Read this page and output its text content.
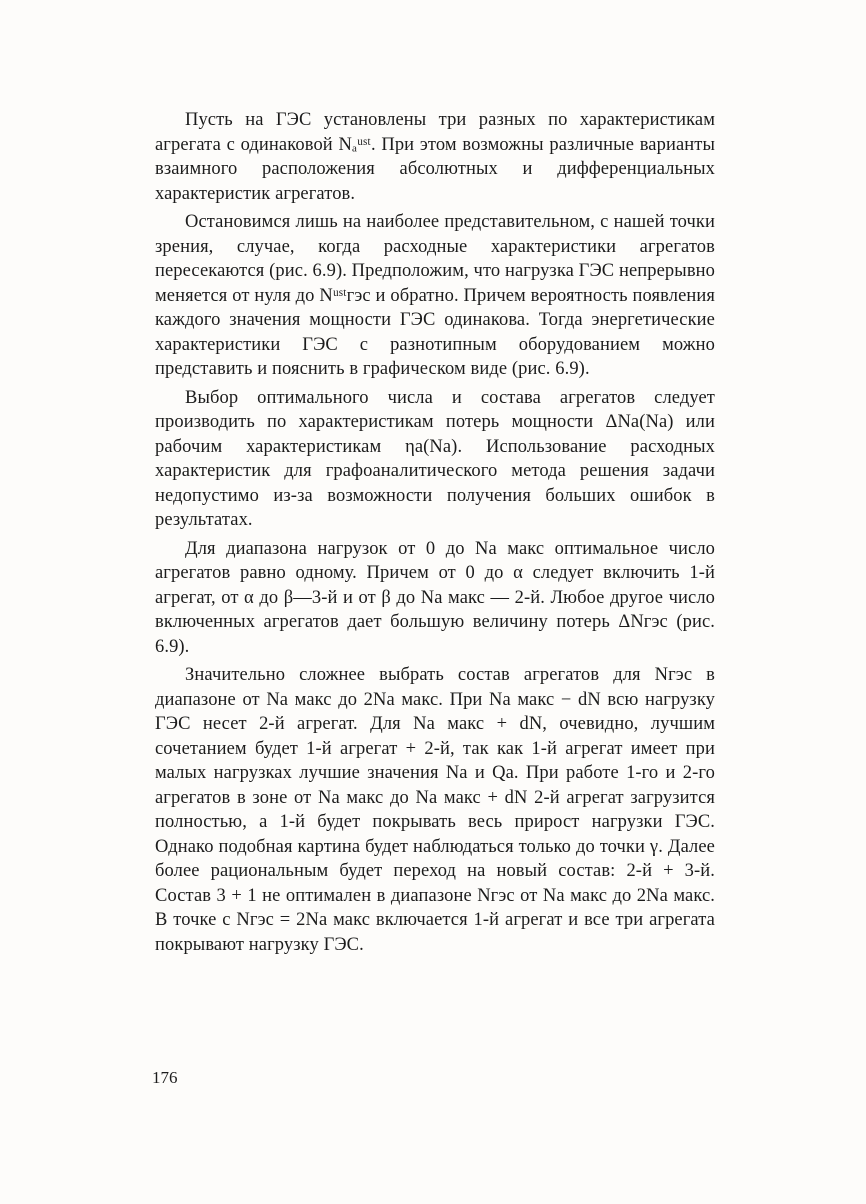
Пусть на ГЭС установлены три разных по характеристикам агрегата с одинаковой Nₐᵘˢᵗ. При этом возможны различные варианты взаимного расположения абсолютных и дифференциальных характеристик агрегатов.

Остановимся лишь на наиболее представительном, с нашей точки зрения, случае, когда расходные характеристики агрегатов пересекаются (рис. 6.9). Предположим, что нагрузка ГЭС непрерывно меняется от нуля до Nᵘˢᵗгэс и обратно. Причем вероятность появления каждого значения мощности ГЭС одинакова. Тогда энергетические характеристики ГЭС с разнотипным оборудованием можно представить и пояснить в графическом виде (рис. 6.9).

Выбор оптимального числа и состава агрегатов следует производить по характеристикам потерь мощности ΔNa(Na) или рабочим характеристикам ηa(Na). Использование расходных характеристик для графоаналитического метода решения задачи недопустимо из-за возможности получения больших ошибок в результатах.

Для диапазона нагрузок от 0 до Na макс оптимальное число агрегатов равно одному. Причем от 0 до α следует включить 1-й агрегат, от α до β—3-й и от β до Na макс — 2-й. Любое другое число включенных агрегатов дает большую величину потерь ΔNгэс (рис. 6.9).

Значительно сложнее выбрать состав агрегатов для Nгэс в диапазоне от Na макс до 2Na макс. При Na макс − dN всю нагрузку ГЭС несет 2-й агрегат. Для Na макс + dN, очевидно, лучшим сочетанием будет 1-й агрегат + 2-й, так как 1-й агрегат имеет при малых нагрузках лучшие значения Na и Qa. При работе 1-го и 2-го агрегатов в зоне от Na макс до Na макс + dN 2-й агрегат загрузится полностью, а 1-й будет покрывать весь прирост нагрузки ГЭС. Однако подобная картина будет наблюдаться только до точки γ. Далее более рациональным будет переход на новый состав: 2-й + 3-й. Состав 3 + 1 не оптимален в диапазоне Nгэс от Na макс до 2Na макс. В точке с Nгэс = 2Na макс включается 1-й агрегат и все три агрегата покрывают нагрузку ГЭС.

176
